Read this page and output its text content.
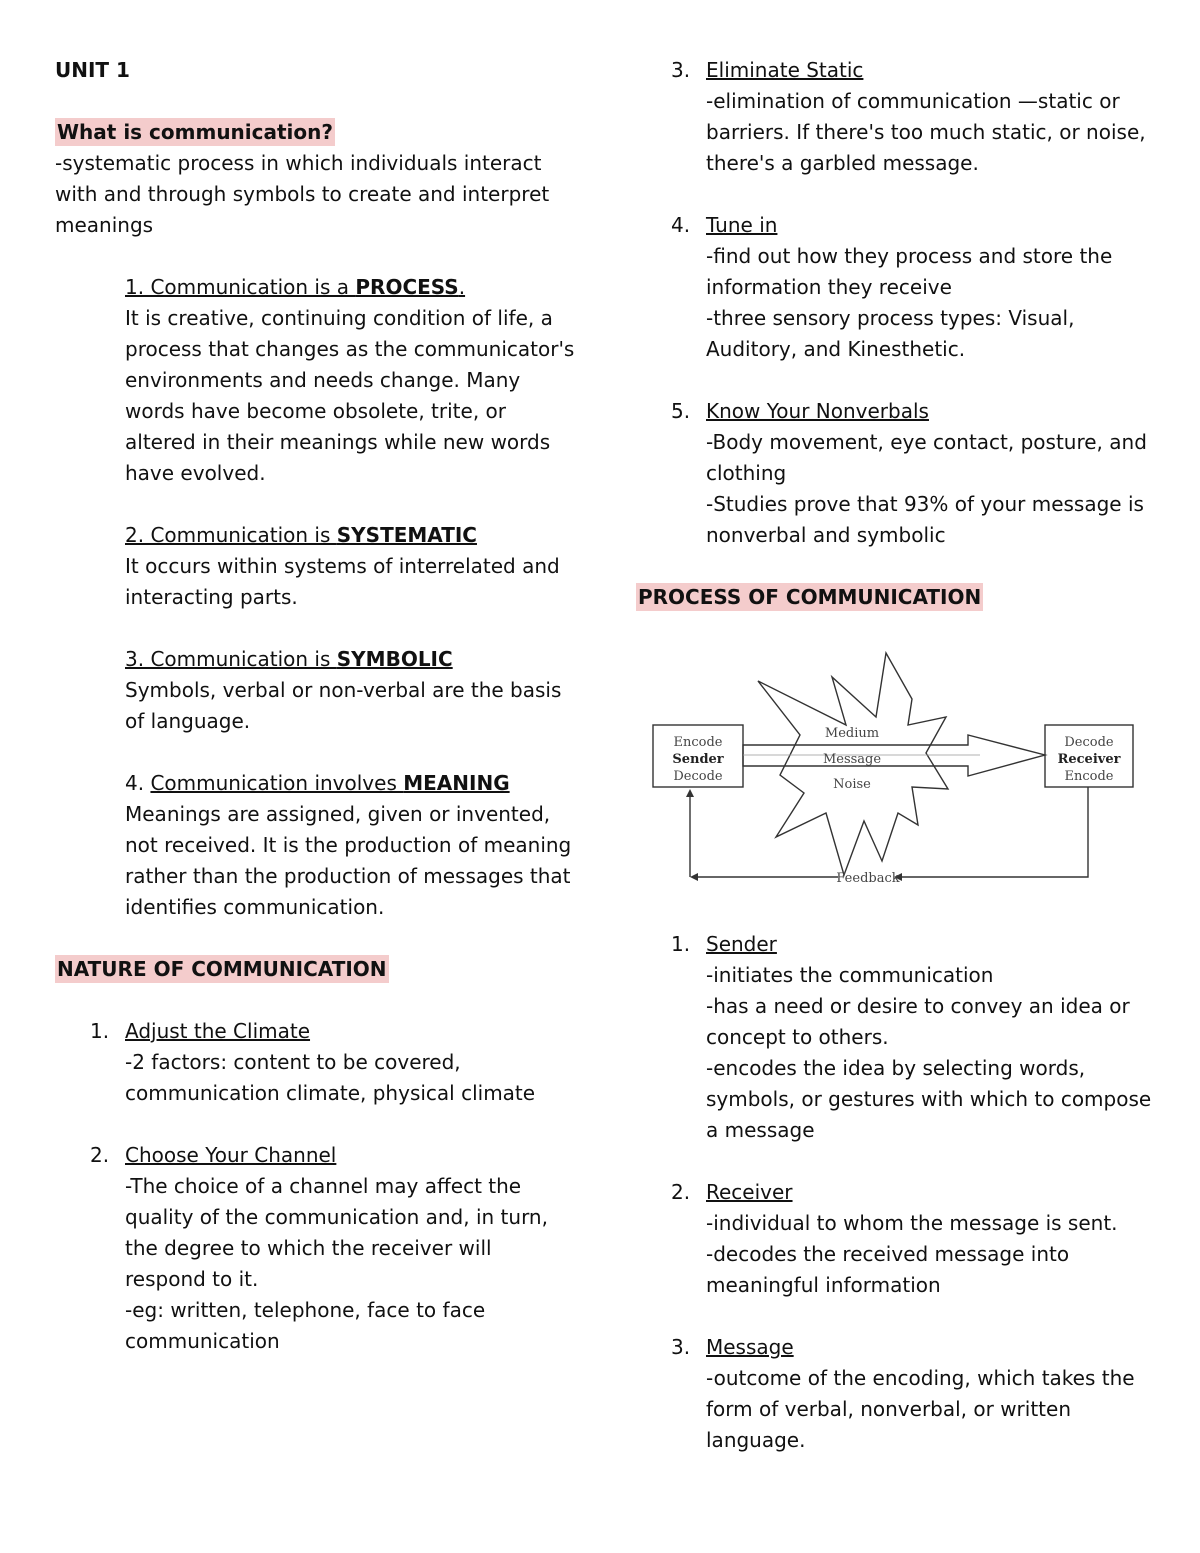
UNIT 1
What is communication?
-systematic process in which individuals interact with and through symbols to create and interpret meanings
1. Communication is a PROCESS.
It is creative, continuing condition of life, a process that changes as the communicator's environments and needs change. Many words have become obsolete, trite, or altered in their meanings while new words have evolved.
2. Communication is SYSTEMATIC
It occurs within systems of interrelated and interacting parts.
3. Communication is SYMBOLIC
Symbols, verbal or non-verbal are the basis of language.
4. Communication involves MEANING
Meanings are assigned, given or invented, not received. It is the production of meaning rather than the production of messages that identifies communication.
NATURE OF COMMUNICATION
1. Adjust the Climate
-2 factors: content to be covered, communication climate, physical climate
2. Choose Your Channel
-The choice of a channel may affect the quality of the communication and, in turn, the degree to which the receiver will respond to it.
-eg: written, telephone, face to face communication
3. Eliminate Static
-elimination of communication —static or barriers. If there's too much static, or noise, there's a garbled message.
4. Tune in
-find out how they process and store the information they receive
-three sensory process types: Visual, Auditory, and Kinesthetic.
5. Know Your Nonverbals
-Body movement, eye contact, posture, and clothing
-Studies prove that 93% of your message is nonverbal and symbolic
PROCESS OF COMMUNICATION
Encode
Sender
Decode
Decode
Receiver
Encode
Medium
Message
Noise
Feedback
1. Sender
-initiates the communication
-has a need or desire to convey an idea or concept to others.
-encodes the idea by selecting words, symbols, or gestures with which to compose a message
2. Receiver
-individual to whom the message is sent.
-decodes the received message into meaningful information
3. Message
-outcome of the encoding, which takes the form of verbal, nonverbal, or written language.
